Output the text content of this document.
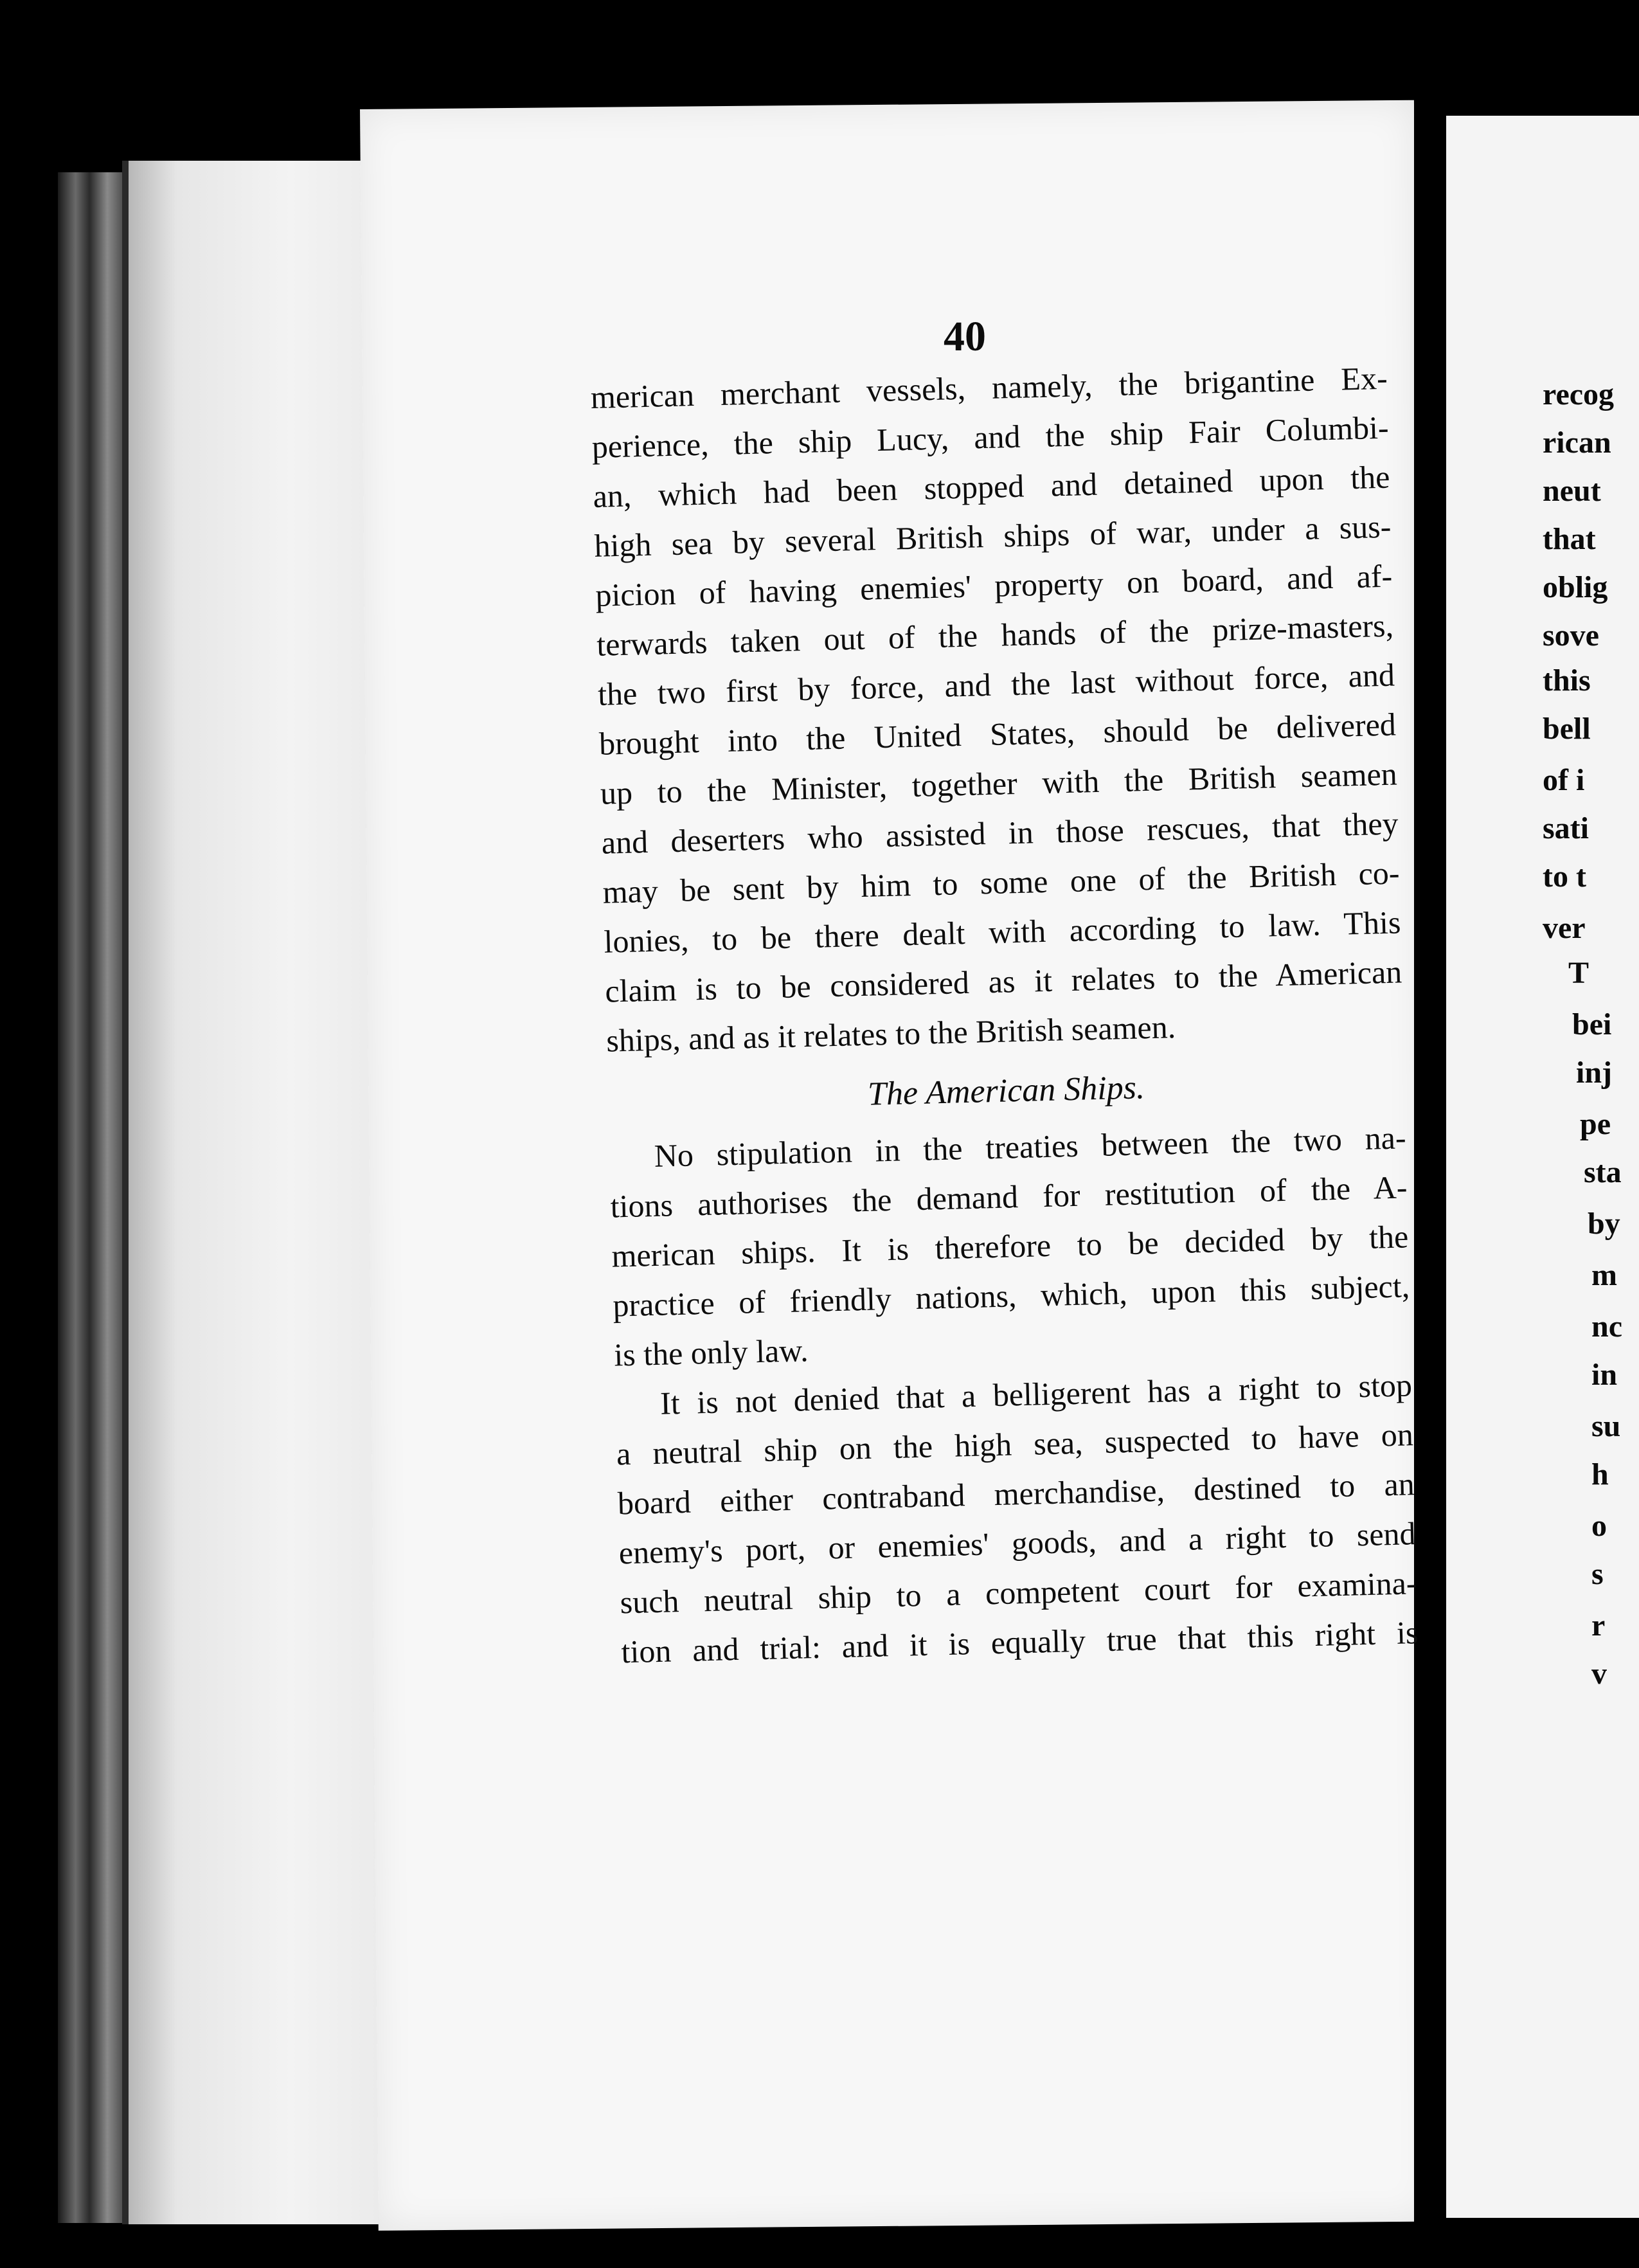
recog
rican
neut
that
oblig
sove
this
bell
of i
sati
to t
ver
T
bei
inj
pe
sta
by
m
nc
in
su
h
o
s
r
v
40
merican merchant vessels, namely, the brigantine Ex-
perience, the ship Lucy, and the ship Fair Columbi-
an, which had been stopped and detained upon the
high sea by several British ships of war, under a sus-
picion of having enemies' property on board, and af-
terwards taken out of the hands of the prize-masters,
the two first by force, and the last without force, and
brought into the United States, should be delivered
up to the Minister, together with the British seamen
and deserters who assisted in those rescues, that they
may be sent by him to some one of the British co-
lonies, to be there dealt with according to law. This
claim is to be considered as it relates to the American
ships, and as it relates to the British seamen.
The American Ships.
No stipulation in the treaties between the two na-
tions authorises the demand for restitution of the A-
merican ships. It is therefore to be decided by the
practice of friendly nations, which, upon this subject,
is the only law.
It is not denied that a belligerent has a right to stop
a neutral ship on the high sea, suspected to have on
board either contraband merchandise, destined to an
enemy's port, or enemies' goods, and a right to send
such neutral ship to a competent court for examina-
tion and trial: and it is equally true that this right is
